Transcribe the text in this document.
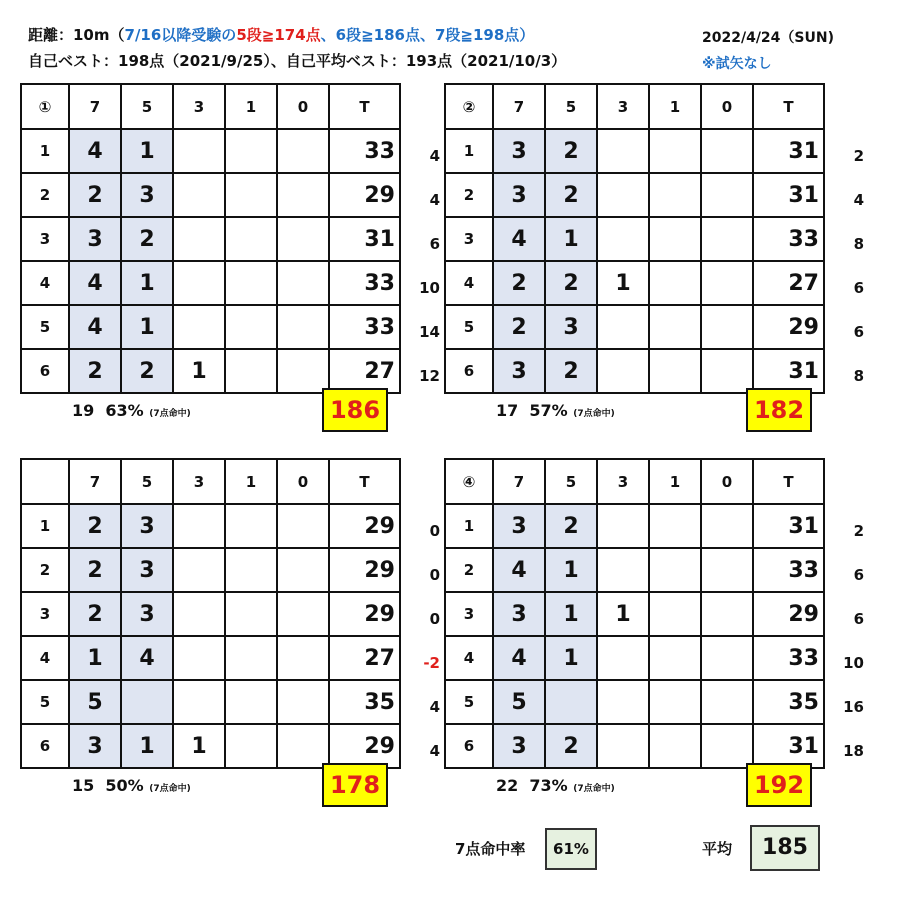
距離：10m（7/16以降受験の5段≧174点、6段≧186点、7段≧198点）
自己ベスト：198点（2021/9/25）、自己平均ベスト：193点（2021/10/3）
2022/4/24（SUN)
※試矢なし
4
4
6
10
14
12
①	7	5	3	1	0	T
1	4	1				33
2	2	3				29
3	3	2				31
4	4	1				33
5	4	1				33
6	2	2	1			27
19 63% (7点命中)	186
2
4
8
6
6
8
②	7	5	3	1	0	T
1	3	2				31
2	3	2				31
3	4	1				33
4	2	2	1			27
5	2	3				29
6	3	2				31
17 57% (7点命中)	182
0
0
0
-2
4
4
	7	5	3	1	0	T
1	2	3				29
2	2	3				29
3	2	3				29
4	1	4				27
5	5					35
6	3	1	1			29
15 50% (7点命中)	178
2
6
6
10
16
18
④	7	5	3	1	0	T
1	3	2				31
2	4	1				33
3	3	1	1			29
4	4	1				33
5	5					35
6	3	2				31
22 73% (7点命中)	192
7点命中率	61%	平均	185
